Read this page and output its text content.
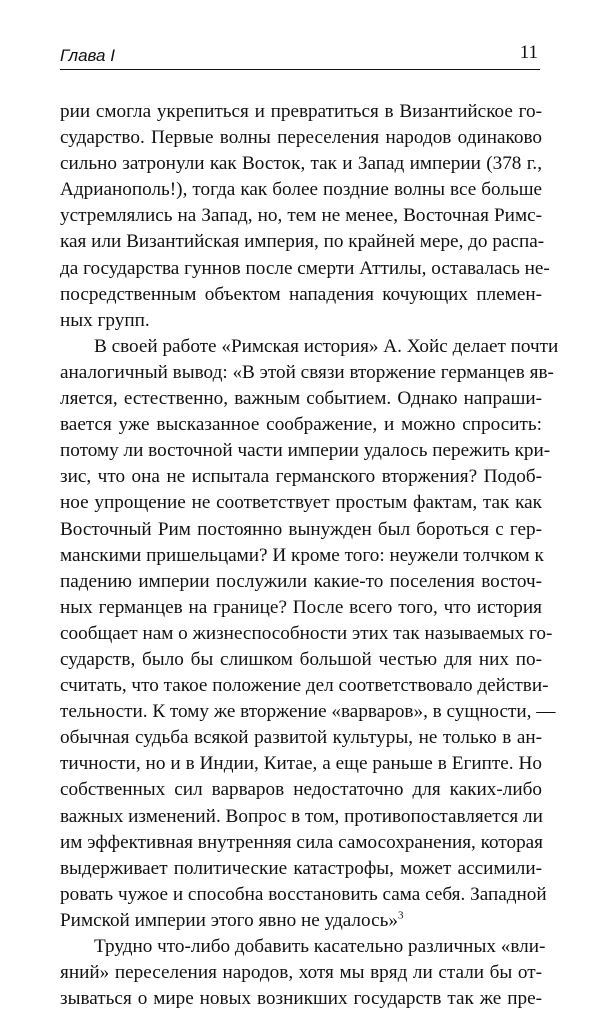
Глава I	11
рии смогла укрепиться и превратиться в Византийское го-
сударство. Первые волны переселения народов одинаково
сильно затронули как Восток, так и Запад империи (378 г.,
Адрианополь!), тогда как более поздние волны все больше
устремлялись на Запад, но, тем не менее, Восточная Римс-
кая или Византийская империя, по крайней мере, до распа-
да государства гуннов после смерти Аттилы, оставалась не-
посредственным объектом нападения кочующих племен-
ных групп.
В своей работе «Римская история» А. Хойс делает почти
аналогичный вывод: «В этой связи вторжение германцев яв-
ляется, естественно, важным событием. Однако напраши-
вается уже высказанное соображение, и можно спросить:
потому ли восточной части империи удалось пережить кри-
зис, что она не испытала германского вторжения? Подоб-
ное упрощение не соответствует простым фактам, так как
Восточный Рим постоянно вынужден был бороться с гер-
манскими пришельцами? И кроме того: неужели толчком к
падению империи послужили какие-то поселения восточ-
ных германцев на границе? После всего того, что история
сообщает нам о жизнеспособности этих так называемых го-
сударств, было бы слишком большой честью для них по-
считать, что такое положение дел соответствовало действи-
тельности. К тому же вторжение «варваров», в сущности, —
обычная судьба всякой развитой культуры, не только в ан-
тичности, но и в Индии, Китае, а еще раньше в Египте. Но
собственных сил варваров недостаточно для каких-либо
важных изменений. Вопрос в том, противопоставляется ли
им эффективная внутренняя сила самосохранения, которая
выдерживает политические катастрофы, может ассимили-
ровать чужое и способна восстановить сама себя. Западной
Римской империи этого явно не удалось»$^3$
Трудно что-либо добавить касательно различных «вли-
яний» переселения народов, хотя мы вряд ли стали бы от-
зываться о мире новых возникших государств так же пре-
